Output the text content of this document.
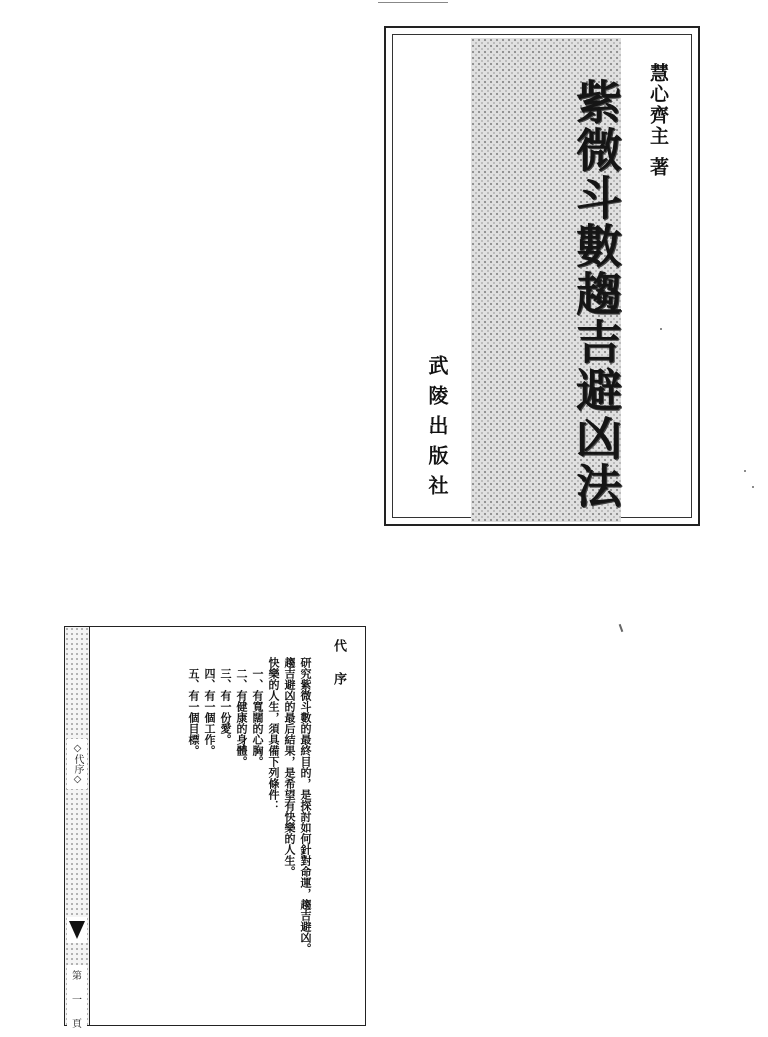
紫微斗數趨吉避凶法 慧心齊主
著
武陵出版社
◇代序◇
第
一
頁
代序

研究紫微斗數的最終目的，是探討如何針對命運，趨吉避凶。

趨吉避凶的最后結果，是希望有快樂的人生。

快樂的人生，須具備下列條件：

一、有寬闊的心胸。

二、有健康的身體。

三、有一份愛。

四、有一個工作。

五、有一個目標。
